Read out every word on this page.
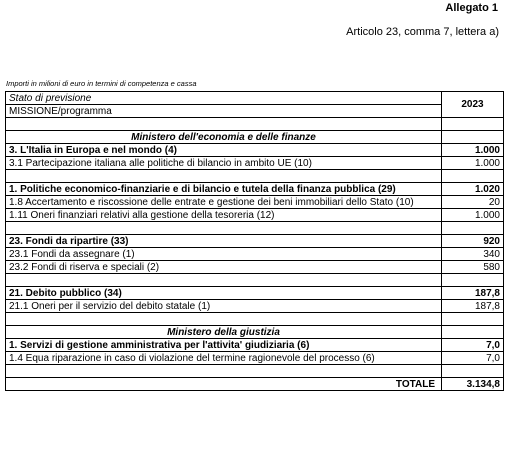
Allegato 1
Articolo 23, comma 7, lettera a)
Importi in milioni di euro in termini di competenza e cassa
Stato di previsione	2023
MISSIONE/programma	

Ministero dell'economia e delle finanze	
3. L'Italia in Europa e nel mondo (4)	1.000
3.1 Partecipazione italiana alle politiche di bilancio in ambito UE (10)	1.000

1. Politiche economico-finanziarie e di bilancio e tutela della finanza pubblica (29)	1.020
1.8 Accertamento e riscossione delle entrate e gestione dei beni immobiliari dello Stato (10)	20
1.11 Oneri finanziari relativi alla gestione della tesoreria (12)	1.000

23. Fondi da ripartire (33)	920
23.1 Fondi da assegnare (1)	340
23.2 Fondi di riserva e speciali (2)	580

21. Debito pubblico (34)	187,8
21.1 Oneri per il servizio del debito statale (1)	187,8

Ministero della giustizia	
1. Servizi di gestione amministrativa per l'attivita' giudiziaria (6)	7,0
1.4 Equa riparazione in caso di violazione del termine ragionevole del processo (6)	7,0

TOTALE	3.134,8
